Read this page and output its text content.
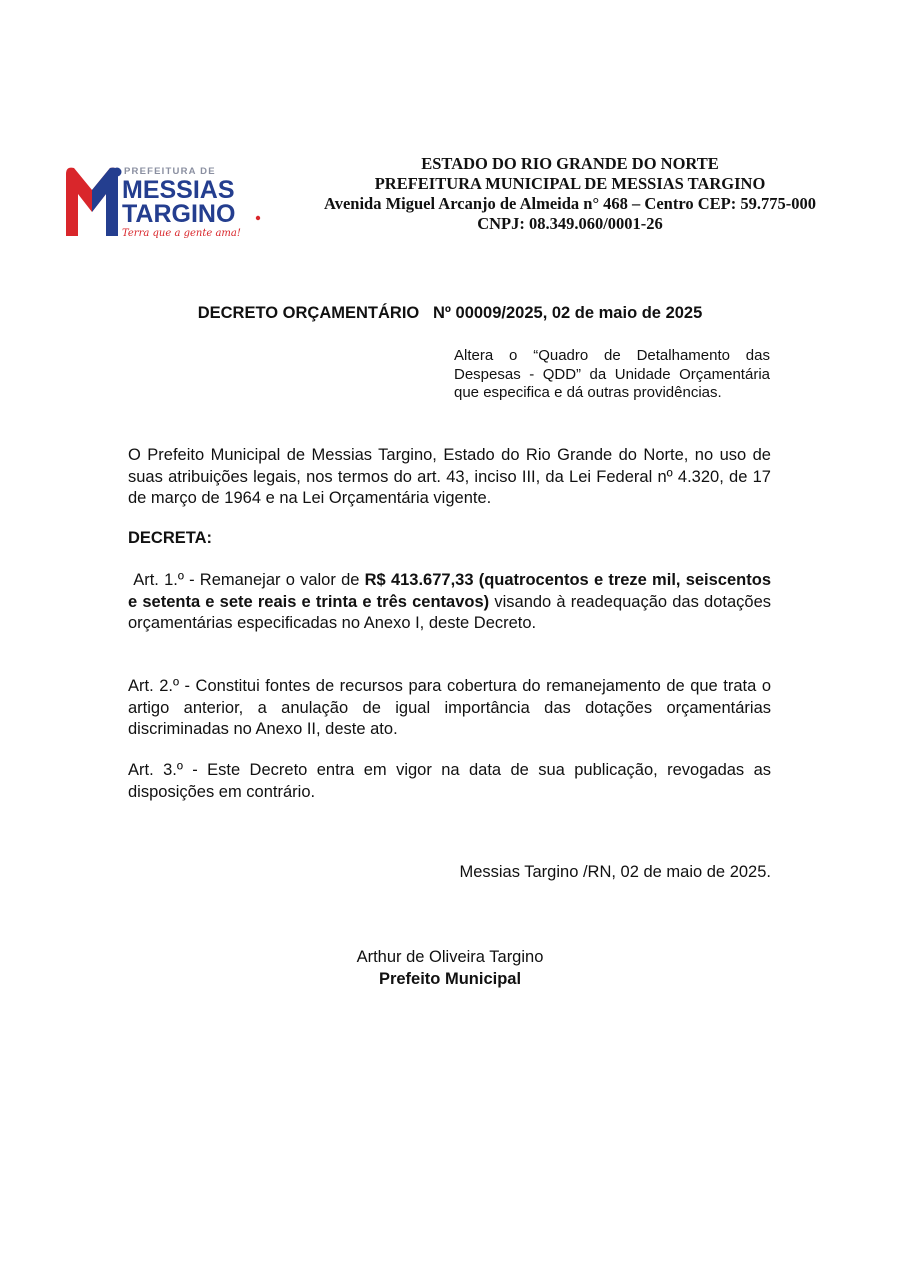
PREFEITURA DE
MESSIAS
TARGINO
Terra que a gente ama!
ESTADO DO RIO GRANDE DO NORTE
PREFEITURA MUNICIPAL DE MESSIAS TARGINO
Avenida Miguel Arcanjo de Almeida n° 468 – Centro CEP: 59.775-000
CNPJ: 08.349.060/0001-26
DECRETO ORÇAMENTÁRIO   Nº 00009/2025, 02 de maio de 2025
Altera o “Quadro de Detalhamento das Despesas - QDD” da Unidade Orçamentária que especifica e dá outras providências.
O Prefeito Municipal de Messias Targino, Estado do Rio Grande do Norte, no uso de suas atribuições legais, nos termos do art. 43, inciso III, da Lei Federal nº 4.320, de 17 de março de 1964 e na Lei Orçamentária vigente.
DECRETA:
Art. 1.º - Remanejar o valor de R$ 413.677,33 (quatrocentos e treze mil, seiscentos e setenta e sete reais e trinta e três centavos) visando à readequação das dotações orçamentárias especificadas no Anexo I, deste Decreto.
Art. 2.º - Constitui fontes de recursos para cobertura do remanejamento de que trata o artigo anterior, a anulação de igual importância das dotações orçamentárias discriminadas no Anexo II, deste ato.
Art. 3.º - Este Decreto entra em vigor na data de sua publicação, revogadas as disposições em contrário.
Messias Targino /RN, 02 de maio de 2025.
Arthur de Oliveira Targino
Prefeito Municipal
